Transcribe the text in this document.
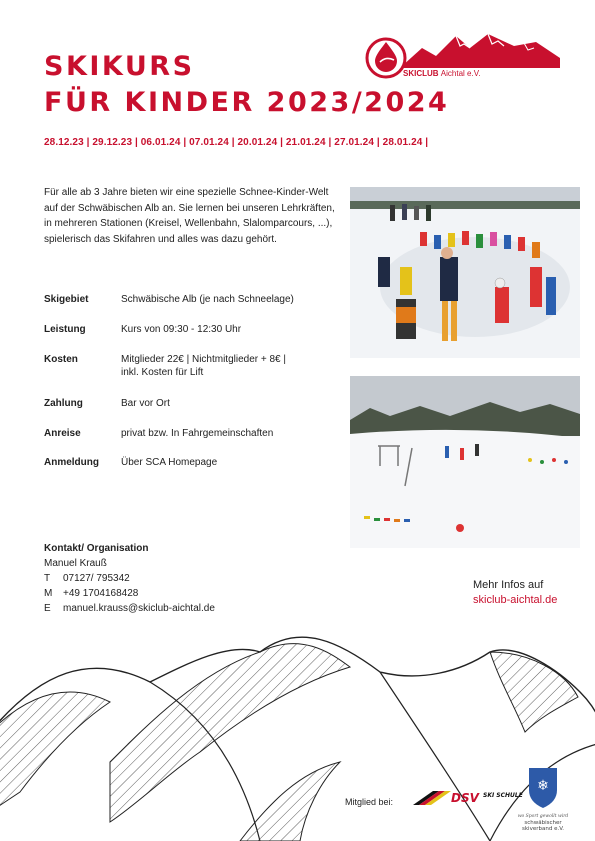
SKIKURS
FÜR KINDER 2023/2024
SKICLUB Aichtal e.V.
28.12.23 | 29.12.23 | 06.01.24 | 07.01.24 | 20.01.24 | 21.01.24 | 27.01.24 | 28.01.24 |

Für alle ab 3 Jahre bieten wir eine spezielle Schnee-Kinder-Welt auf der Schwäbischen Alb an. Sie lernen bei unseren Lehrkräften, in mehreren Stationen (Kreisel, Wellenbahn, Slalomparcours, ...), spielerisch das Skifahren und alles was dazu gehört.

Skigebiet	Schwäbische Alb (je nach Schneelage)
Leistung	Kurs von 09:30 - 12:30 Uhr
Kosten	Mitglieder 22€ | Nichtmitglieder + 8€ |
inkl. Kosten für Lift
Zahlung	Bar vor Ort
Anreise	privat bzw. In Fahrgemeinschaften
Anmeldung Über SCA Homepage
Kontakt/ Organisation
Manuel Krauß
T 07127/ 795342
M +49 1704168428
E manuel.krauss@skiclub-aichtal.de
Mehr Infos auf
skiclub-aichtal.de
Mitglied bei:	DSV SKI SCHULE
❄
wo Sport gewollt wird
schwäbischer
skiverband e.V.
